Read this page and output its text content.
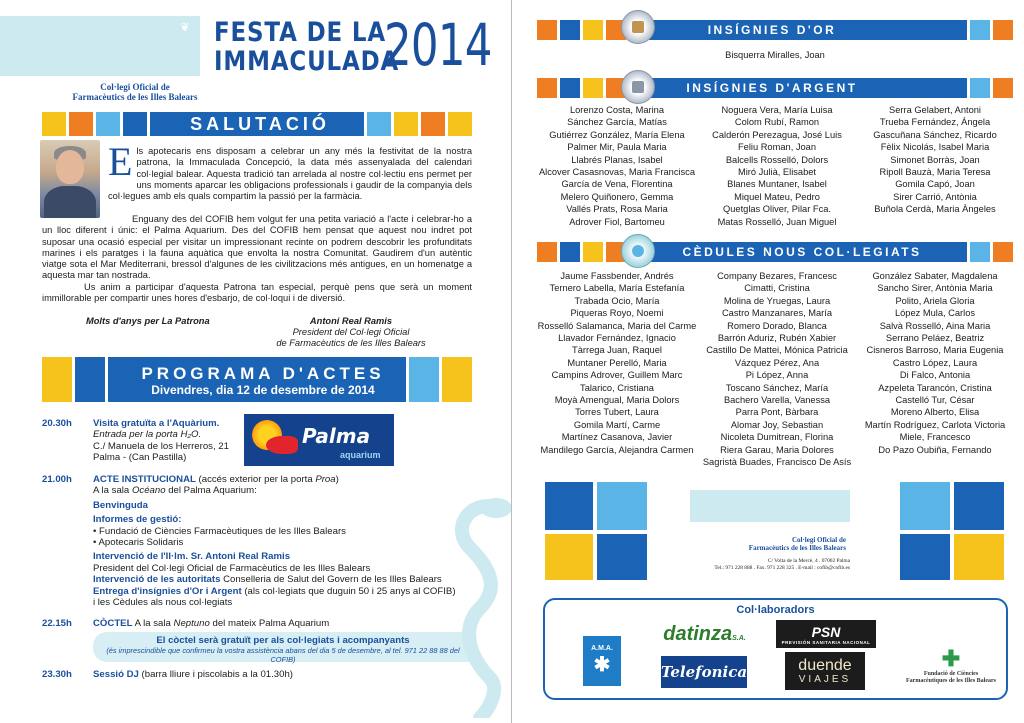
❦ FESTA DE LA
IMMACULADA
2014
Col·legi Oficial de
Farmacèutics de les Illes Balears
SALUTACIÓ
Els apotecaris ens disposam a celebrar un any més la festivitat de la nostra patrona, la Immaculada Concepció, la data més assenyalada del calendari col·legial balear. Aquesta tradició tan arrelada al nostre col·lectiu ens permet per uns moments aparcar les obligacions professionals i gaudir de la companyia dels col·legues amb els quals compartim la passió per la farmàcia.
Enguany des del COFIB hem volgut fer una petita variació a l'acte i celebrar-ho a un lloc diferent i únic: el Palma Aquarium. Des del COFIB hem pensat que aquest nou indret pot suposar una ocasió especial per visitar un impressionant recinte on podrem descobrir les profunditats marines i els paratges i la fauna aquàtica que envolta la nostra Comunitat. Gaudirem d'un autèntic viatge sota el Mar Mediterrani, bressol d'algunes de les civilitzacions més antigues, en un homenatge a aquesta mar tan nostrada.
Us anim a participar d'aquesta Patrona tan especial, perquè pens que serà un moment immillorable per compartir unes hores d'esbarjo, de col·loqui i de diversió.
Molts d'anys per La Patrona	Antoni Real Ramis
President del Col·legi Oficial
de Farmacèutics de les Illes Balears
PROGRAMA D'ACTES
Divendres, dia 12 de desembre de 2014
20.30h Visita gratuïta a l'Aquàrium.
Entrada per la porta H₂O.
C./ Manuela de los Herreros, 21
Palma - (Can Pastilla)
Palma
aquarium
21.00h ACTE INSTITUCIONAL (accés exterior per la porta Proa)
A la sala Océano del Palma Aquarium:
Benvinguda
Informes de gestió:
• Fundació de Ciències Farmacèutiques de les Illes Balears
• Apotecaris Solidaris
Intervenció de l'Il·lm. Sr. Antoni Real Ramis
President del Col·legi Oficial de Farmacèutics de les Illes Balears
Intervenció de les autoritats Conselleria de Salut del Govern de les Illes Balears
Entrega d'insígnies d'Or i Argent (als col·legiats que duguin 50 i 25 anys al COFIB)
i les Cèdules als nous col·legiats
22.15h CÒCTEL A la sala Neptuno del mateix Palma Aquarium
El còctel serà gratuït per als col·legiats i acompanyants
(és imprescindible que confirmeu la vostra assistència abans del dia 5 de desembre, al tel. 971 22 88 88 del COFIB)
23.30h Sessió DJ (barra lliure i piscolabis a la 01.30h)
INSÍGNIES D'OR
Bisquerra Miralles, Joan
INSÍGNIES D'ARGENT
Lorenzo Costa, Marina
Sánchez García, Matías
Gutiérrez González, María Elena
Palmer Mir, Paula Maria
Llabrés Planas, Isabel
Alcover Casasnovas, Maria Francisca
García de Vena, Florentina
Melero Quiñonero, Gemma
Vallés Prats, Rosa Maria
Adrover Fiol, Bartomeu
Noguera Vera, María Luisa
Colom Rubí, Ramon
Calderón Perezagua, José Luis
Feliu Roman, Joan
Balcells Rosselló, Dolors
Miró Julià, Elisabet
Blanes Muntaner, Isabel
Miquel Mateu, Pedro
Quetglas Oliver, Pilar Fca.
Matas Rosselló, Juan Miguel
Serra Gelabert, Antoni
Trueba Fernández, Ángela
Gascuñana Sánchez, Ricardo
Fèlix Nicolás, Isabel Maria
Simonet Borràs, Joan
Ripoll Bauzà, Maria Teresa
Gomila Capó, Joan
Sirer Carrió, Antònia
Buñola Cerdà, Maria Àngeles
CÈDULES NOUS COL·LEGIATS
Jaume Fassbender, Andrés
Ternero Labella, María Estefanía
Trabada Ocio, María
Piqueras Royo, Noemi
Rosselló Salamanca, Maria del Carme
Llavador Fernández, Ignacio
Tàrrega Juan, Raquel
Muntaner Perelló, Maria
Campins Adrover, Guillem Marc
Talarico, Cristiana
Moyà Amengual, Maria Dolors
Torres Tubert, Laura
Gomila Martí, Carme
Martínez Casanova, Javier
Mandilego García, Alejandra Carmen
Company Bezares, Francesc
Cimatti, Cristina
Molina de Yruegas, Laura
Castro Manzanares, María
Romero Dorado, Blanca
Barrón Aduriz, Rubén Xabier
Castillo De Mattei, Mónica Patricia
Vázquez Pérez, Ana
Pi López, Anna
Toscano Sánchez, María
Bachero Varella, Vanessa
Parra Pont, Bàrbara
Alomar Joy, Sebastian
Nicoleta Dumitrean, Florina
Riera Garau, Maria Dolores
Sagristà Buades, Francisco De Asís
González Sabater, Magdalena
Sancho Sirer, Antònia Maria
Polito, Ariela Gloria
López Mula, Carlos
Salvà Rosselló, Aina Maria
Serrano Peláez, Beatriz
Cisneros Barroso, Maria Eugenia
Castro López, Laura
Di Falco, Antonia
Azpeleta Tarancón, Cristina
Castelló Tur, César
Moreno Alberto, Elisa
Martín Rodríguez, Carlota Victoria
Miele, Francesco
Do Pazo Oubiña, Fernando
Col·legi Oficial de
Farmacèutics de les Illes Balears
C/ Volta de la Mercè, 4 . 07002 Palma
Tel.: 971 228 888 . Fax. 971 228 325 . E-mail : cofib@cofib.es
Col·laboradors
A.M.A.
✱
datinza S.A.	PSN
PREVISIÓN SANITARIA NACIONAL
Telefonica	duende
VIAJES
✚
Fundació de Ciències
Farmacèutiques de les Illes Balears
